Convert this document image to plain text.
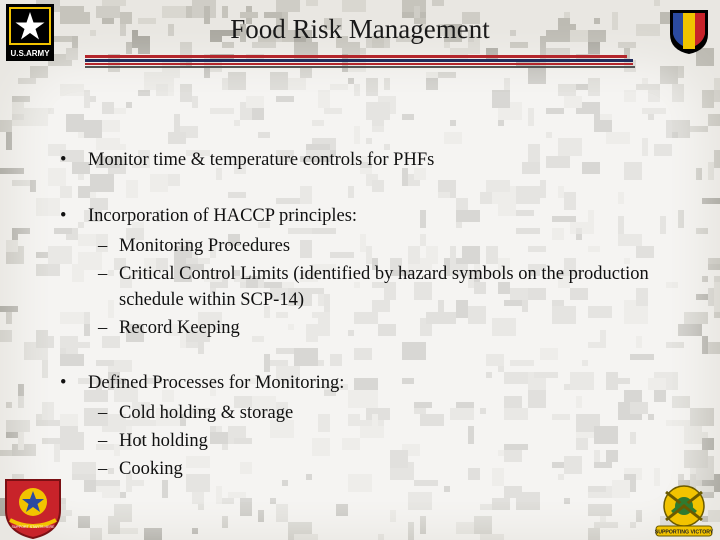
U.S.ARMY
Food Risk Management
• Monitor time & temperature controls for PHFs
• Incorporation of HACCP principles:
– Monitoring Procedures
– Critical Control Limits (identified by hazard symbols on the production schedule within SCP-14)
– Record Keeping
• Defined Processes for Monitoring:
– Cold holding & storage
– Hot holding
– Cooking
SUPPORT STARTS HERE
SUPPORTING VICTORY
